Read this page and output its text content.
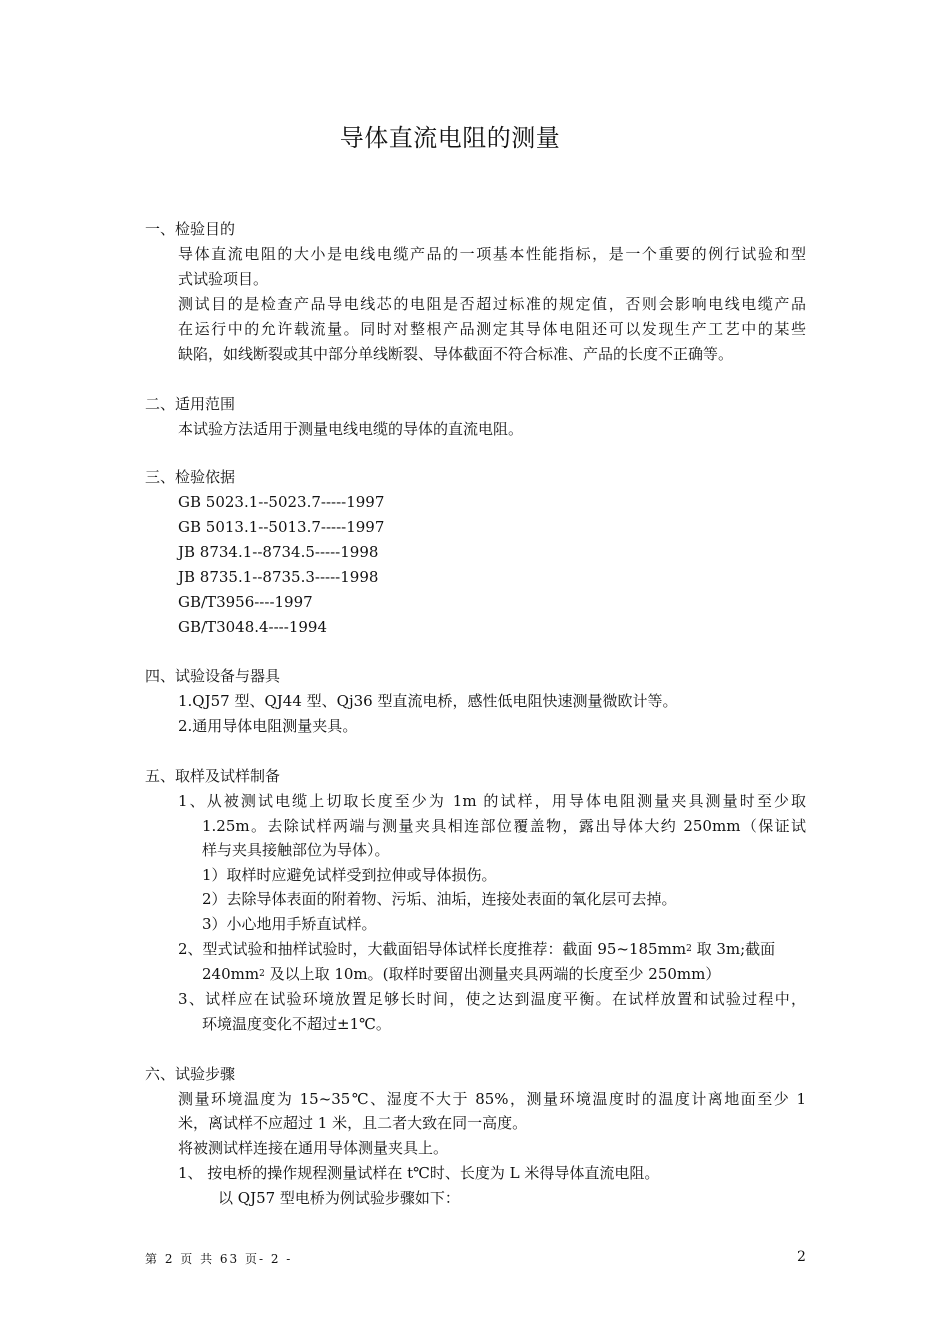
导体直流电阻的测量
一、检验目的
导体直流电阻的大小是电线电缆产品的一项基本性能指标，是一个重要的例行试验和型
式试验项目。
测试目的是检查产品导电线芯的电阻是否超过标准的规定值，否则会影响电线电缆产品
在运行中的允许载流量。同时对整根产品测定其导体电阻还可以发现生产工艺中的某些
缺陷，如线断裂或其中部分单线断裂、导体截面不符合标准、产品的长度不正确等。
二、适用范围
本试验方法适用于测量电线电缆的导体的直流电阻。
三、检验依据
GB 5023.1--5023.7-----1997
GB 5013.1--5013.7-----1997
JB 8734.1--8734.5-----1998
JB 8735.1--8735.3-----1998
GB/T3956----1997
GB/T3048.4----1994
四、试验设备与器具
1.QJ57 型、QJ44 型、Qj36 型直流电桥，感性低电阻快速测量微欧计等。
2.通用导体电阻测量夹具。
五、取样及试样制备
1、从被测试电缆上切取长度至少为 1m 的试样，用导体电阻测量夹具测量时至少取
1.25m。去除试样两端与测量夹具相连部位覆盖物，露出导体大约 250mm（保证试
样与夹具接触部位为导体）。
1）取样时应避免试样受到拉伸或导体损伤。
2）去除导体表面的附着物、污垢、油垢，连接处表面的氧化层可去掉。
3）小心地用手矫直试样。
2、型式试验和抽样试验时，大截面铝导体试样长度推荐：截面 $95\sim 185mm^2$ 取 3m;截面
$240mm^2$ 及以上取 10m。(取样时要留出测量夹具两端的长度至少 250mm）
3、试样应在试验环境放置足够长时间，使之达到温度平衡。在试样放置和试验过程中，
环境温度变化不超过±1℃。
六、试验步骤
测量环境温度为 15~35℃、湿度不大于 85%，测量环境温度时的温度计离地面至少 1
米，离试样不应超过 1 米，且二者大致在同一高度。
将被测试样连接在通用导体测量夹具上。
1、 按电桥的操作规程测量试样在 t℃时、长度为 L 米得导体直流电阻。
以 QJ57 型电桥为例试验步骤如下：
第 2 页 共 63 页- 2 -	2
